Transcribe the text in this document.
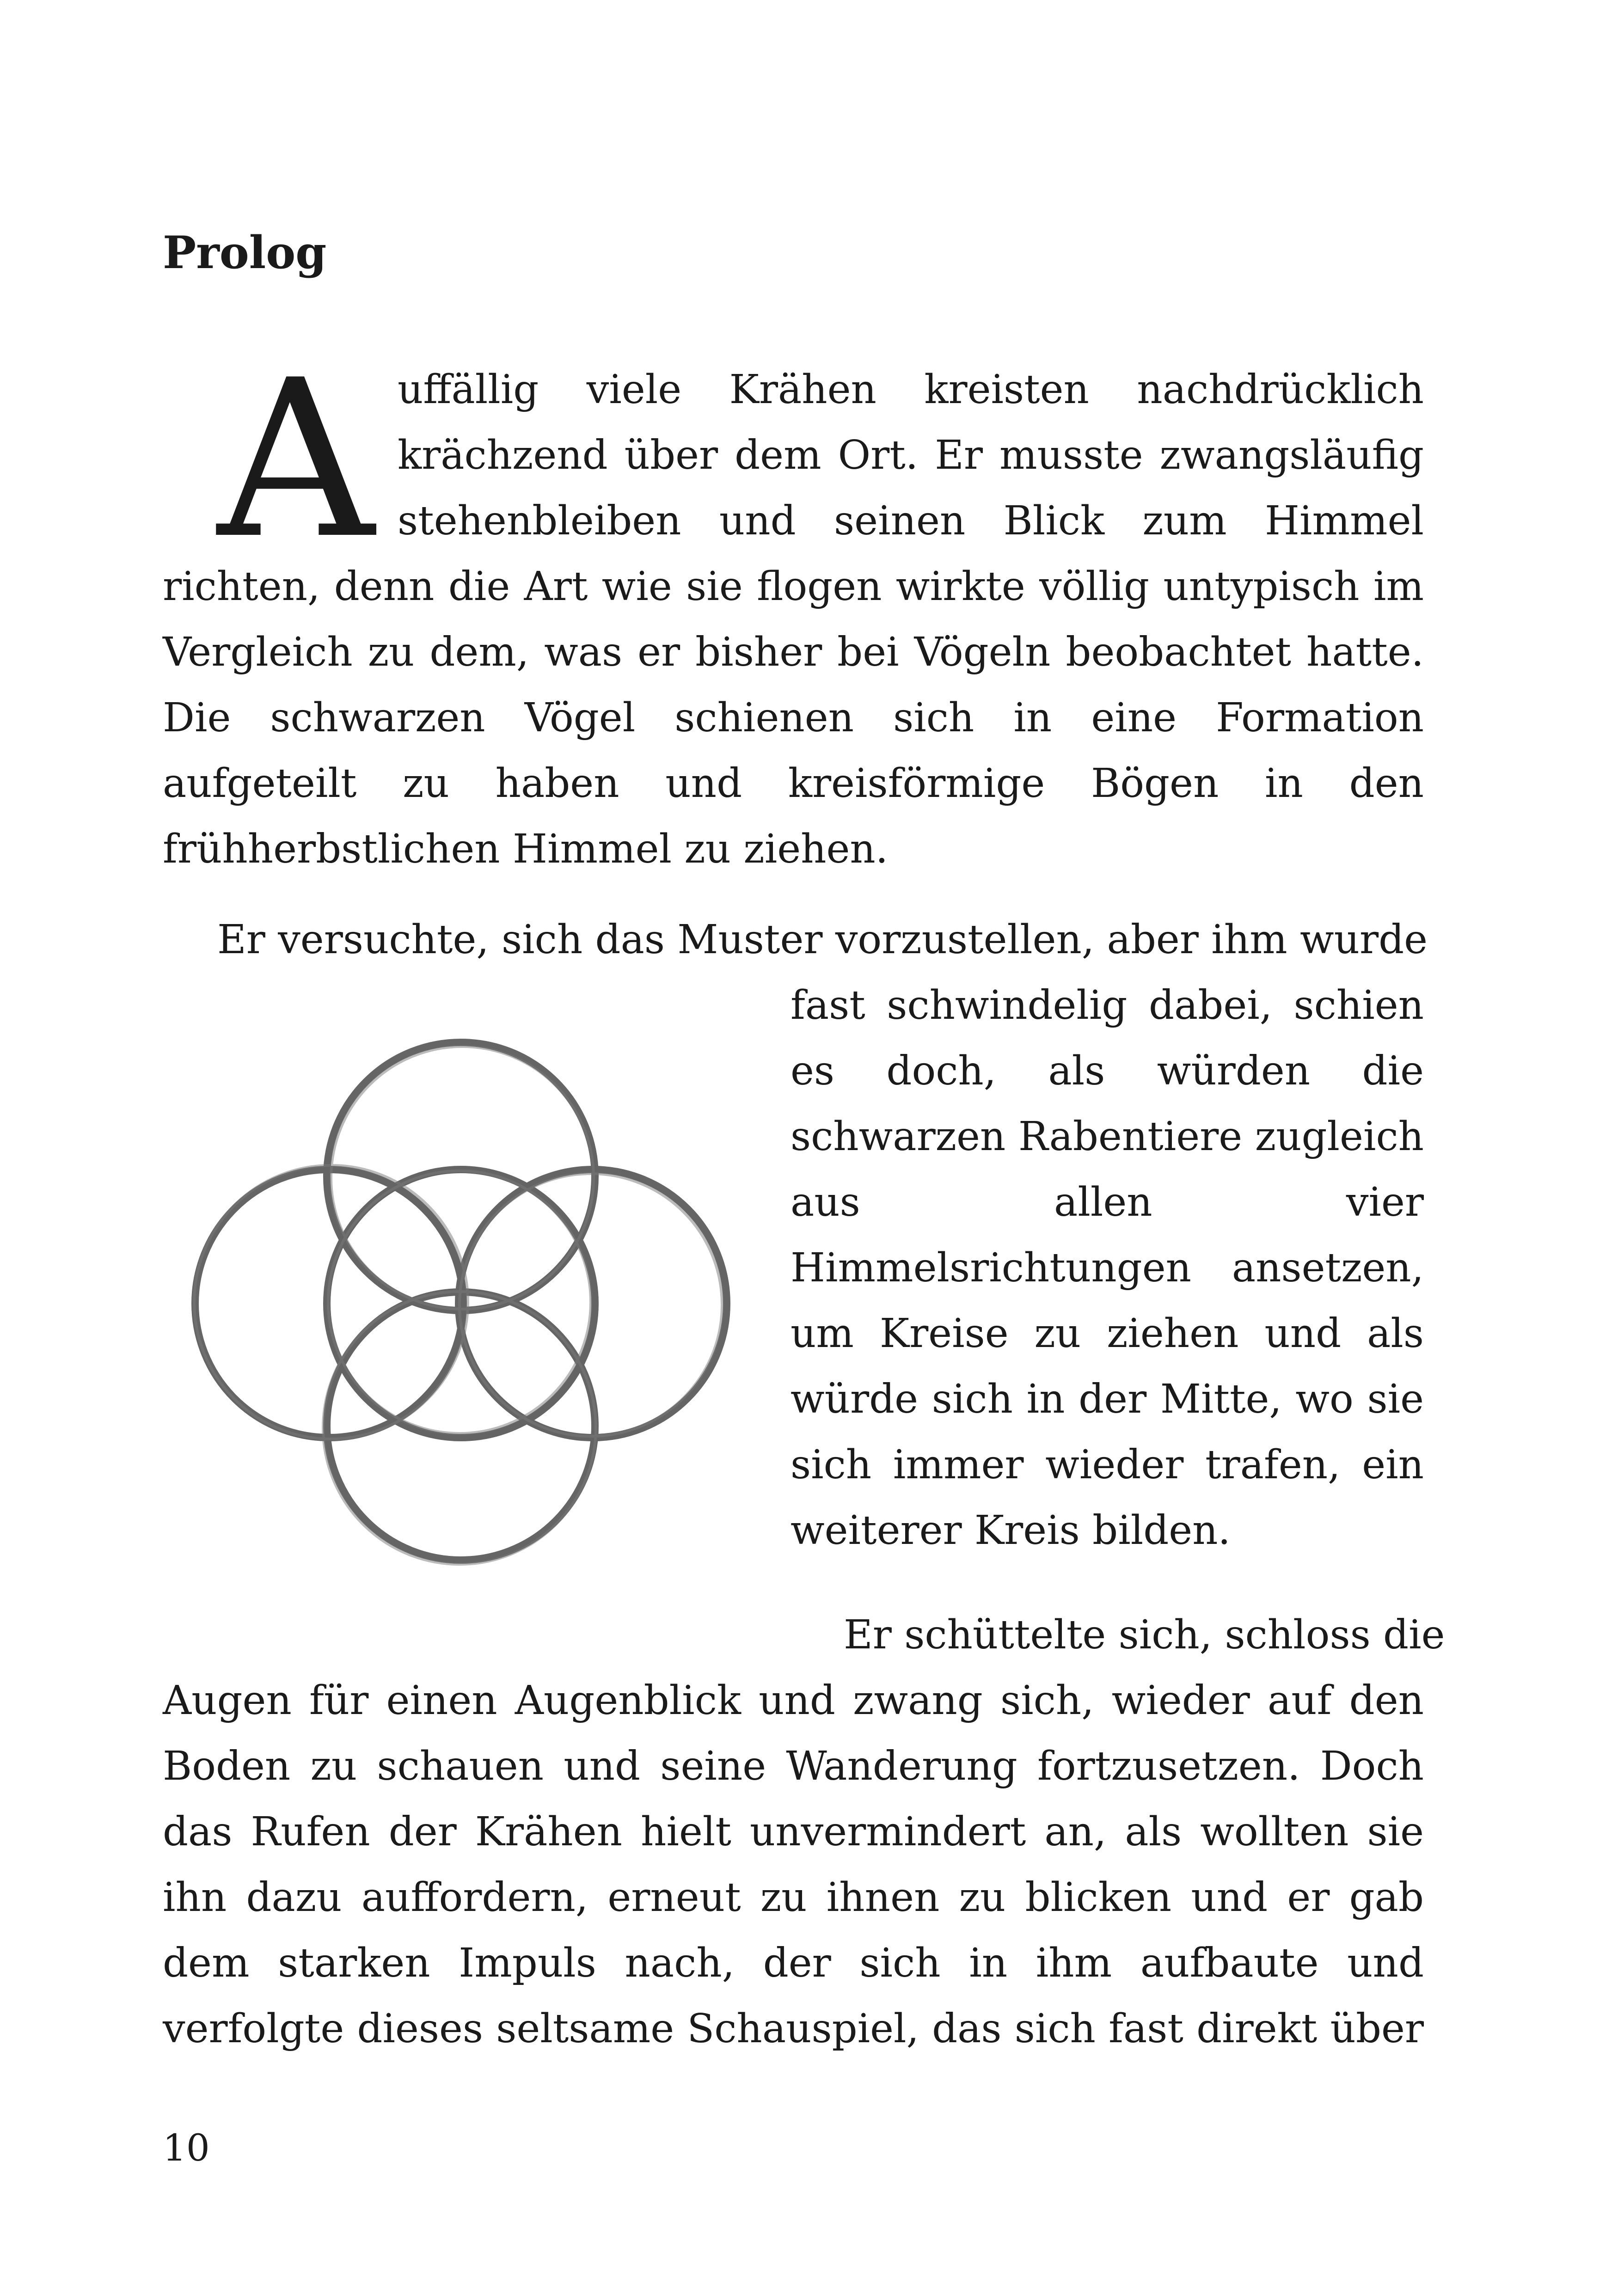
Prolog
A uffällig viele Krähen kreisten nachdrücklich
krächzend über dem Ort. Er musste zwangsläufig
stehenbleiben und seinen Blick zum Himmel
richten, denn die Art wie sie flogen wirkte völlig untypisch im
Vergleich zu dem, was er bisher bei Vögeln beobachtet hatte.
Die schwarzen Vögel schienen sich in eine Formation
aufgeteilt zu haben und kreisförmige Bögen in den
frühherbstlichen Himmel zu ziehen.
Er versuchte, sich das Muster vorzustellen, aber ihm wurde
fast schwindelig dabei, schien
es doch, als würden die
schwarzen Rabentiere zugleich
aus allen vier
Himmelsrichtungen ansetzen,
um Kreise zu ziehen und als
würde sich in der Mitte, wo sie
sich immer wieder trafen, ein
weiterer Kreis bilden.
Er schüttelte sich, schloss die
Augen für einen Augenblick und zwang sich, wieder auf den
Boden zu schauen und seine Wanderung fortzusetzen. Doch
das Rufen der Krähen hielt unvermindert an, als wollten sie
ihn dazu auffordern, erneut zu ihnen zu blicken und er gab
dem starken Impuls nach, der sich in ihm aufbaute und
verfolgte dieses seltsame Schauspiel, das sich fast direkt über
10
